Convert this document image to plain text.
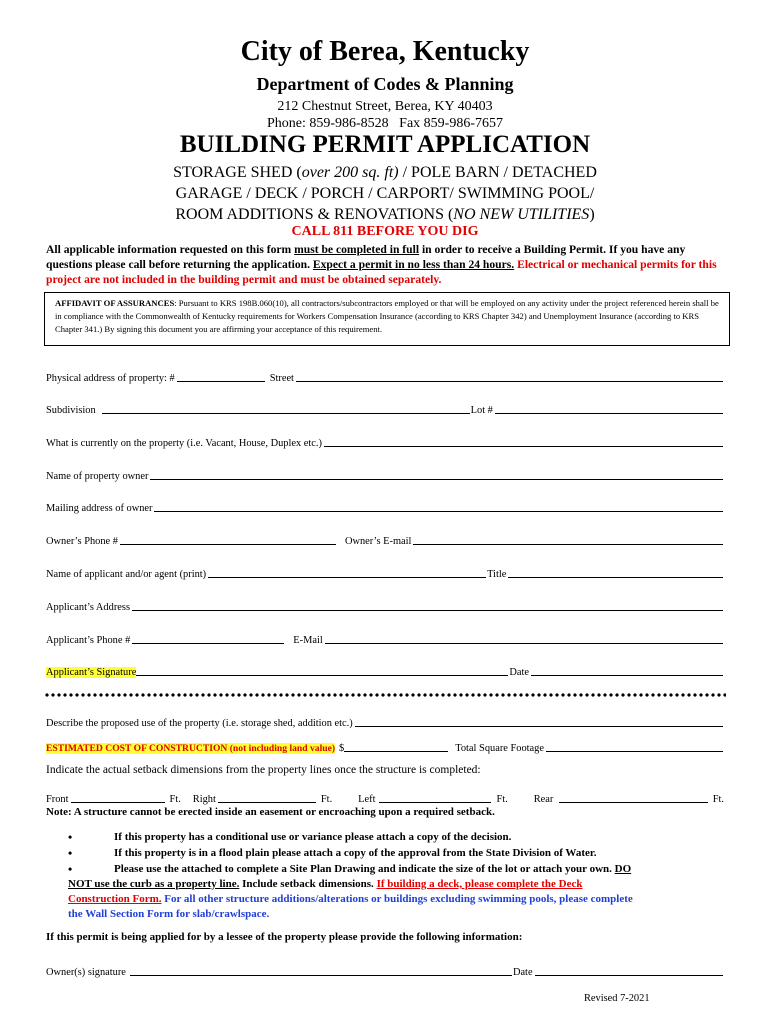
City of Berea, Kentucky
Department of Codes & Planning
212 Chestnut Street, Berea, KY 40403
Phone: 859-986-8528   Fax 859-986-7657
BUILDING PERMIT APPLICATION
STORAGE SHED (over 200 sq. ft) / POLE BARN / DETACHED
GARAGE / DECK / PORCH / CARPORT/ SWIMMING POOL/
ROOM ADDITIONS & RENOVATIONS (NO NEW UTILITIES)
CALL 811 BEFORE YOU DIG
All applicable information requested on this form must be completed in full in order to receive a Building Permit. If you have any questions please call before returning the application. Expect a permit in no less than 24 hours. Electrical or mechanical permits for this project are not included in the building permit and must be obtained separately.
AFFIDAVIT OF ASSURANCES: Pursuant to KRS 198B.060(10), all contractors/subcontractors employed or that will be employed on any activity under the project referenced herein shall be in compliance with the Commonwealth of Kentucky requirements for Workers Compensation Insurance (according to KRS Chapter 342) and Unemployment Insurance (according to KRS Chapter 341.) By signing this document you are affirming your acceptance of this requirement.
Physical address of property: #	Street
Subdivision	Lot #
What is currently on the property (i.e. Vacant, House, Duplex etc.)
Name of property owner
Mailing address of owner
Owner’s Phone #	Owner’s E-mail
Name of applicant and/or agent (print)	Title
Applicant’s Address
Applicant’s Phone #	E-Mail
Applicant’s Signature	Date
Describe the proposed use of the property (i.e. storage shed, addition etc.)
ESTIMATED COST OF CONSTRUCTION (not including land value) $	Total Square Footage
Indicate the actual setback dimensions from the property lines once the structure is completed:
Front	Ft. Right	Ft.	Left	Ft.	Rear	Ft.
Note: A structure cannot be erected inside an easement or encroaching upon a required setback.
•	If this property has a conditional use or variance please attach a copy of the decision.
•	If this property is in a flood plain please attach a copy of the approval from the State Division of Water.
•	Please use the attached to complete a Site Plan Drawing and indicate the size of the lot or attach your own. DO
NOT use the curb as a property line. Include setback dimensions. If building a deck, please complete the Deck
Construction Form. For all other structure additions/alterations or buildings excluding swimming pools, please complete
the Wall Section Form for slab/crawlspace.
If this permit is being applied for by a lessee of the property please provide the following information:
Owner(s) signature	Date
Revised 7-2021
